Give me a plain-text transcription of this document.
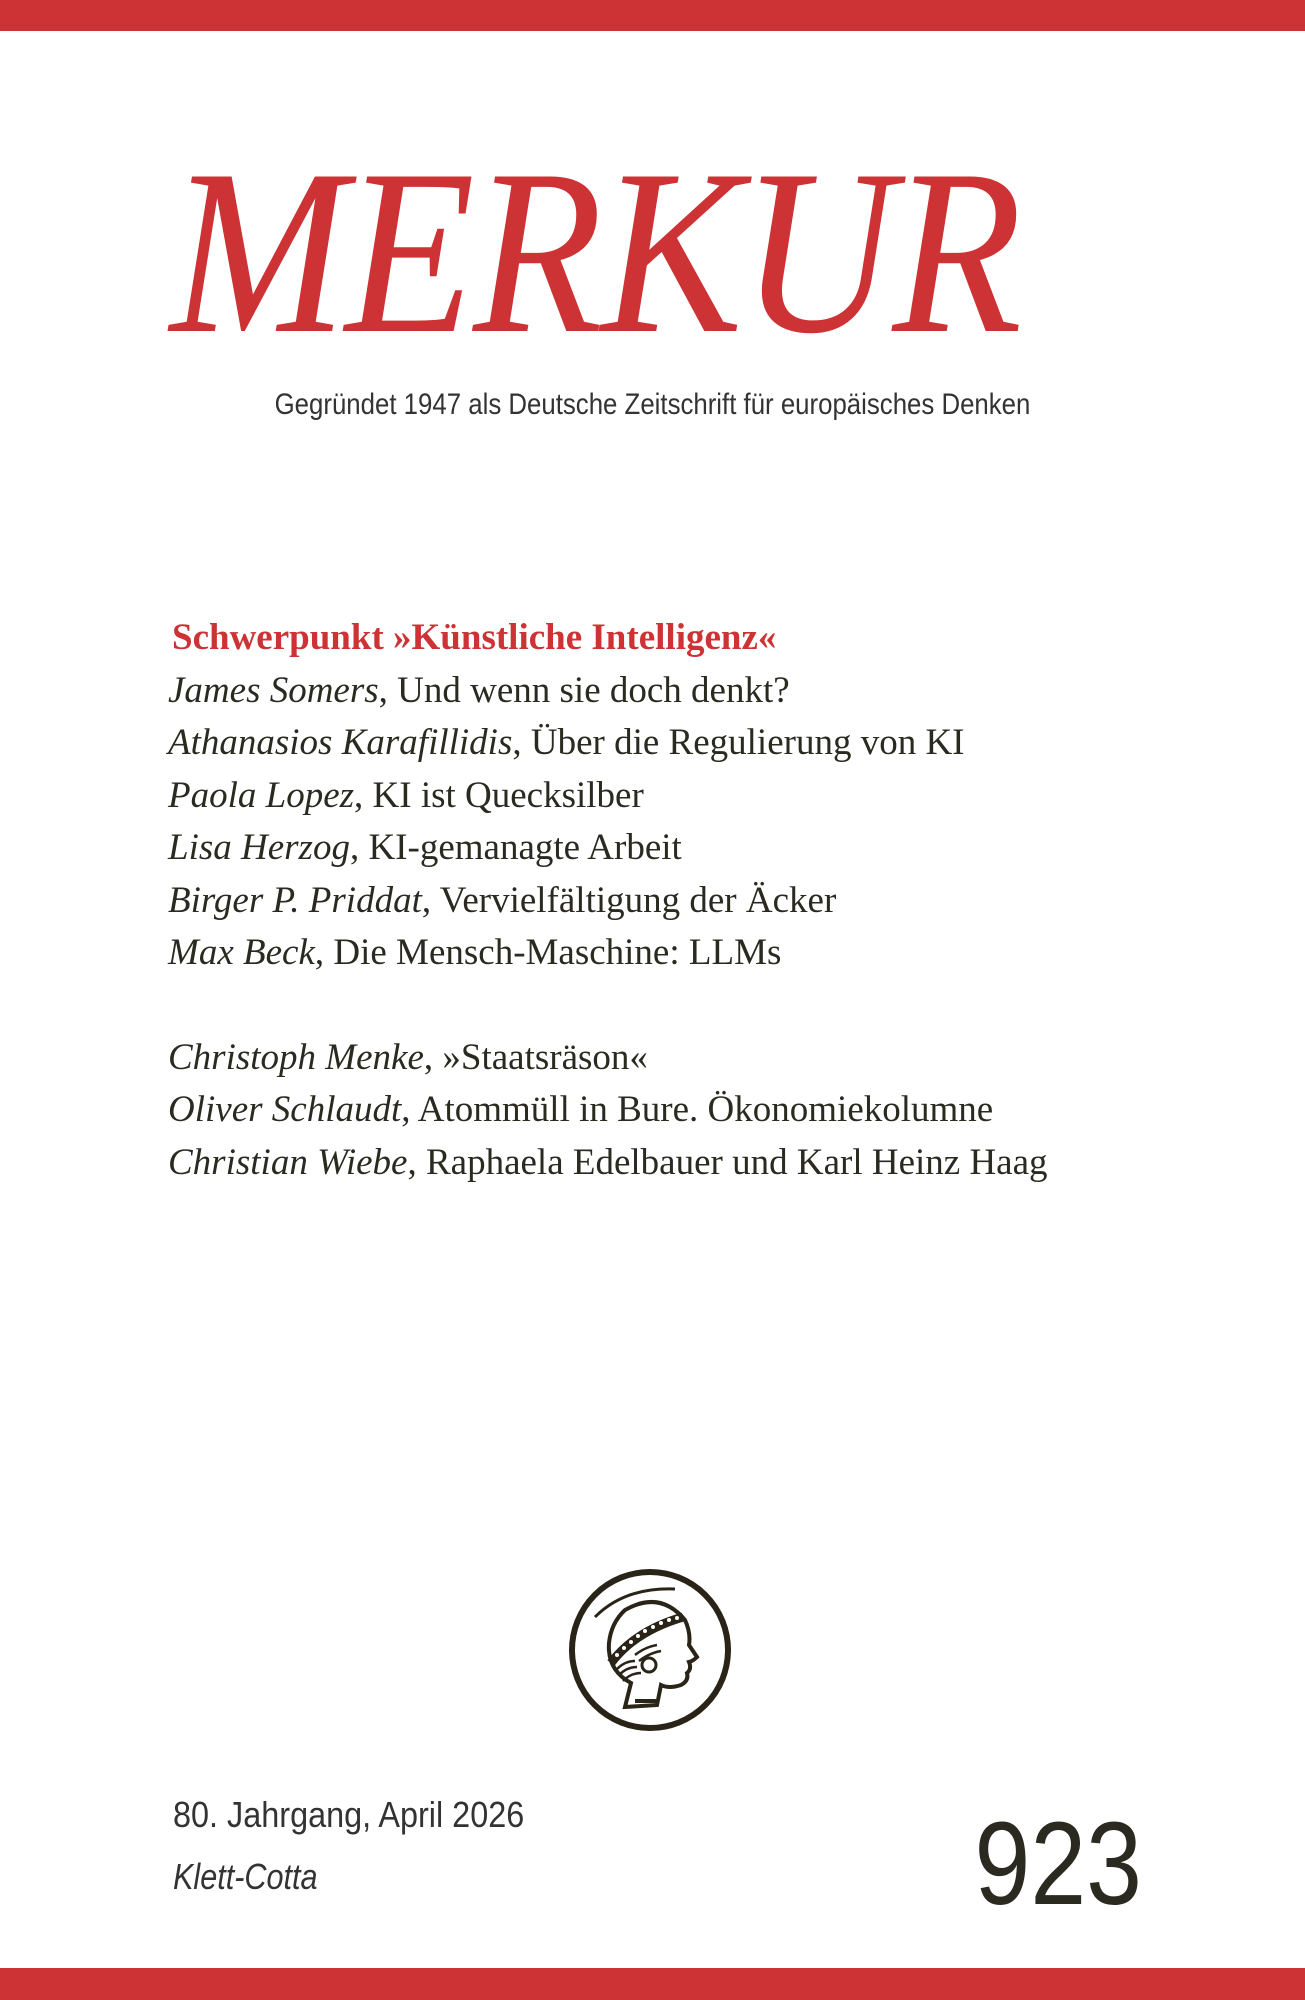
MERKUR
Gegründet 1947 als Deutsche Zeitschrift für europäisches Denken
Schwerpunkt »Künstliche Intelligenz«
James Somers, Und wenn sie doch denkt?
Athanasios Karafillidis, Über die Regulierung von KI
Paola Lopez, KI ist Quecksilber
Lisa Herzog, KI-gemanagte Arbeit
Birger P. Priddat, Vervielfältigung der Äcker
Max Beck, Die Mensch-Maschine: LLMs
Christoph Menke, »Staatsräson«
Oliver Schlaudt, Atommüll in Bure. Ökonomiekolumne
Christian Wiebe, Raphaela Edelbauer und Karl Heinz Haag
80. Jahrgang, April 2026
Klett-Cotta	923
